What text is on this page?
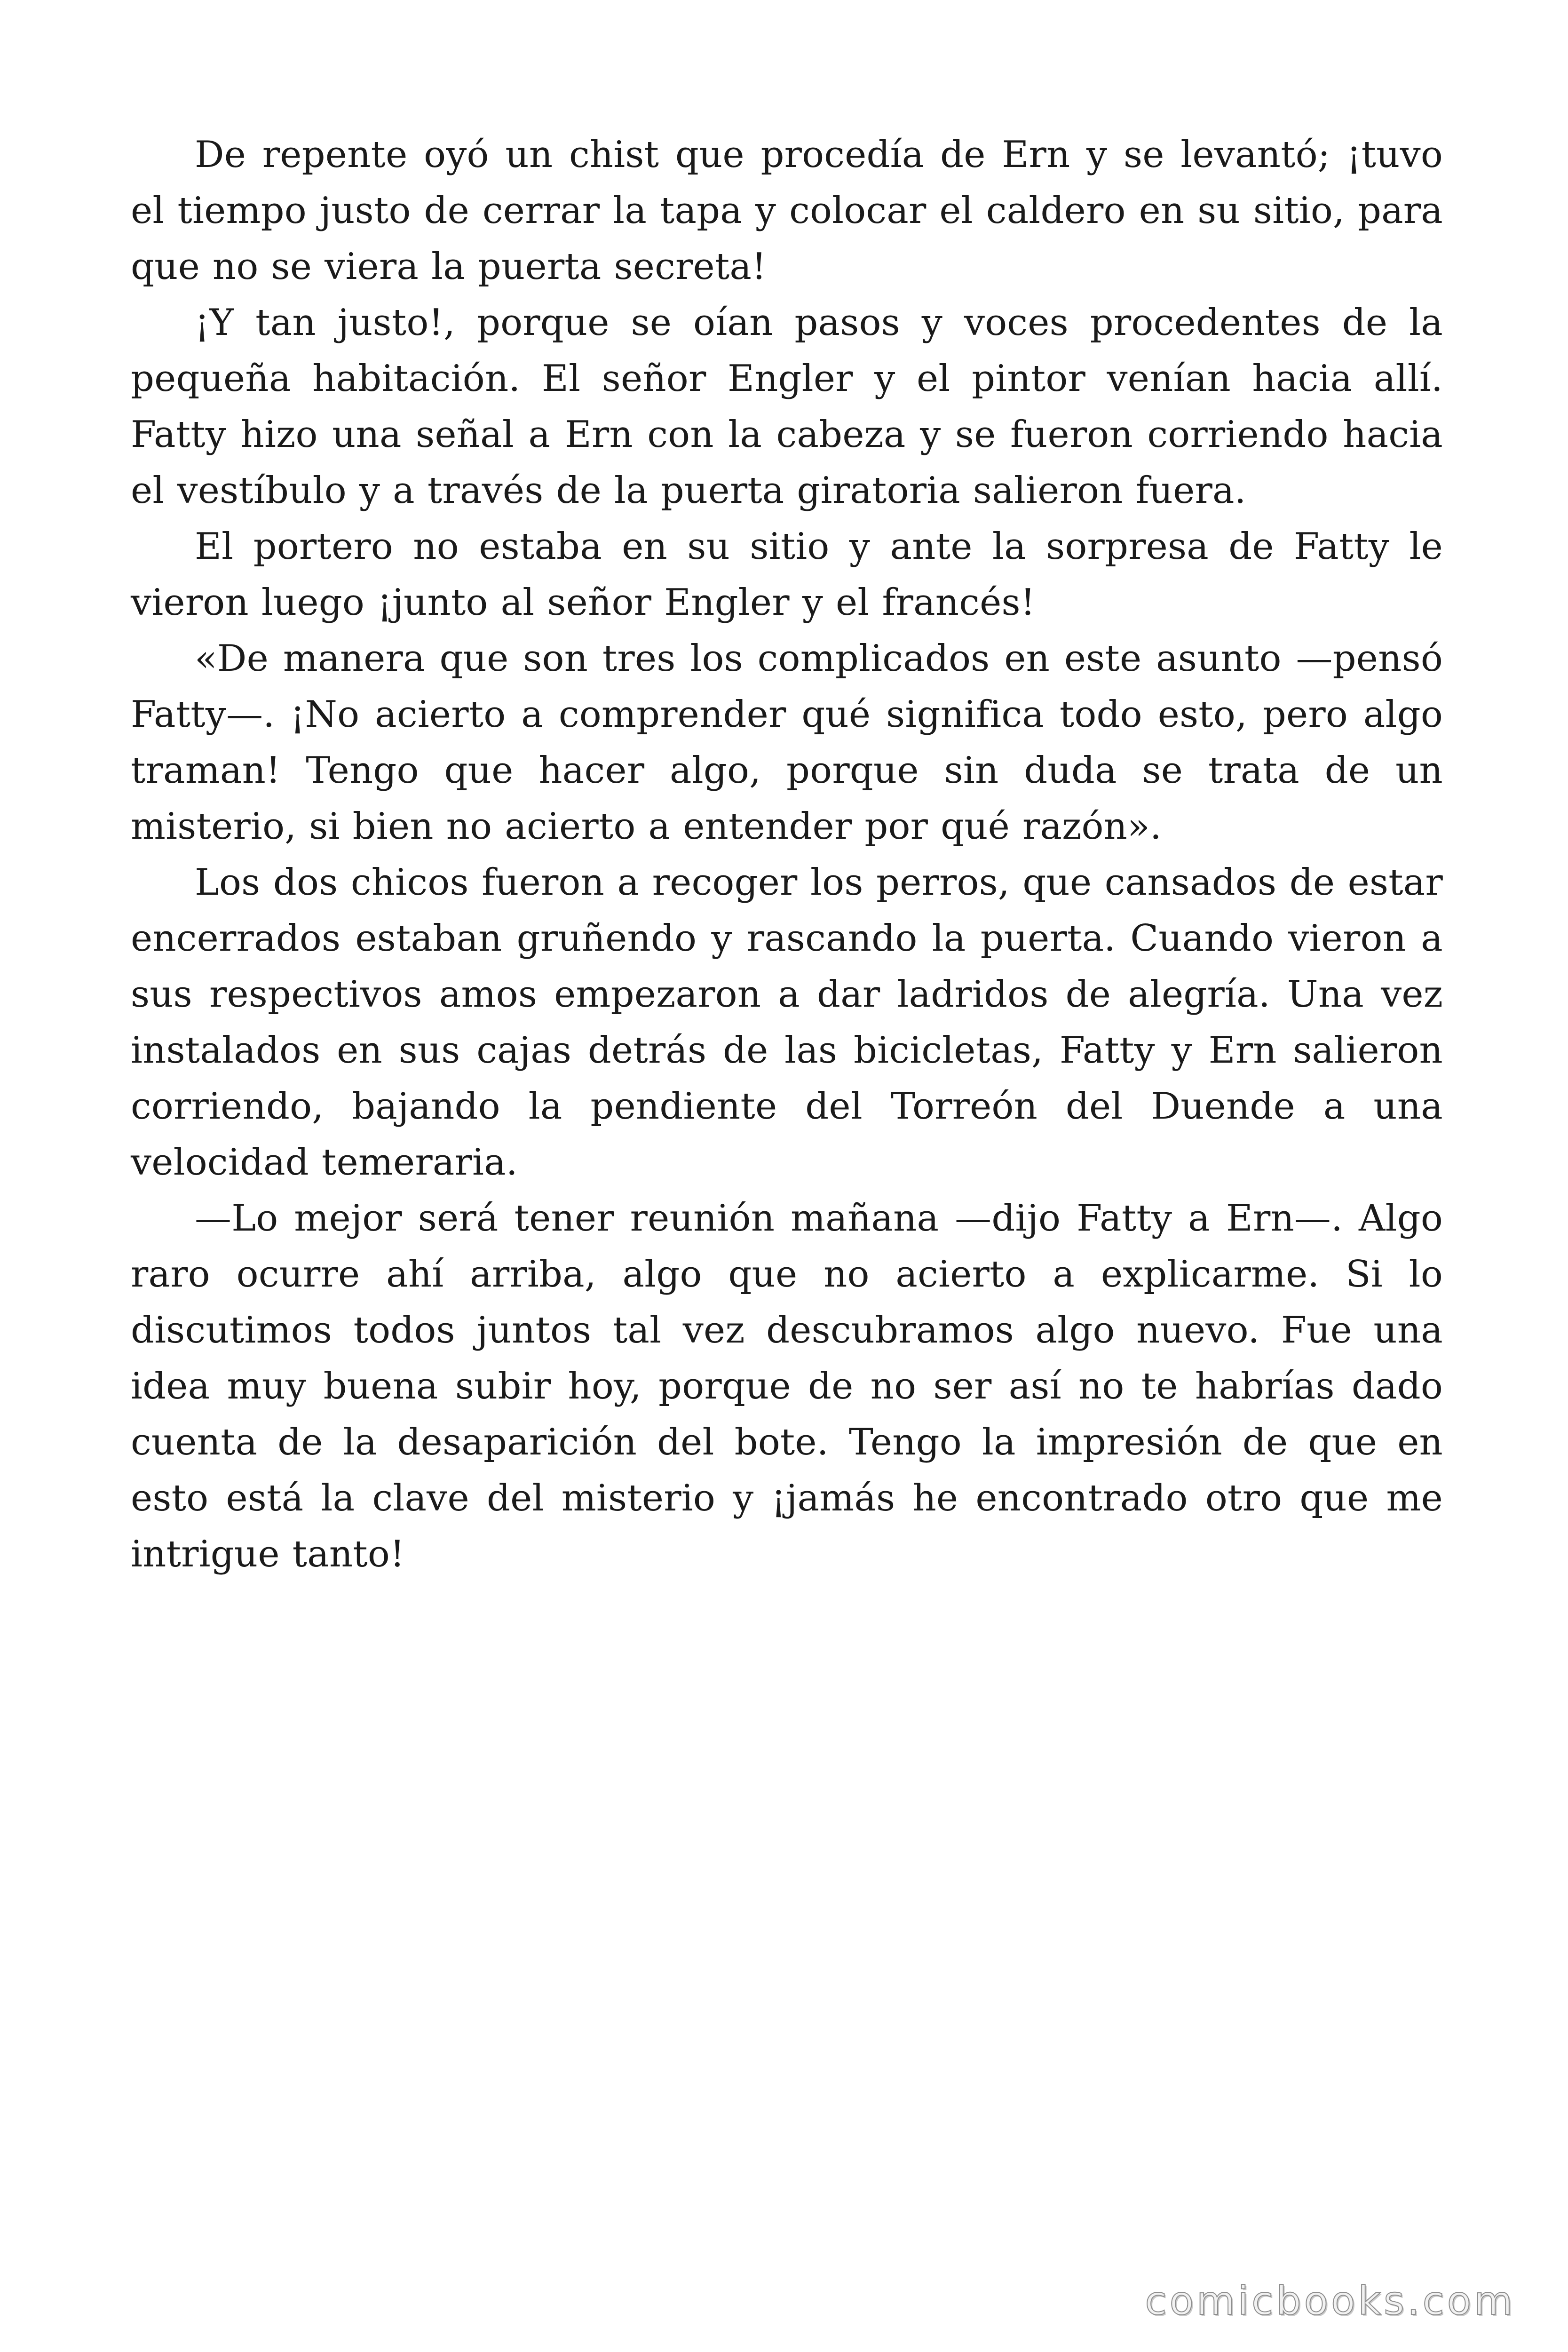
De repente oyó un chist que procedía de Ern y se levantó; ¡tuvo el tiempo justo de cerrar la tapa y colocar el caldero en su sitio, para que no se viera la puerta secreta!

¡Y tan justo!, porque se oían pasos y voces procedentes de la pequeña habitación. El señor Engler y el pintor venían hacia allí. Fatty hizo una señal a Ern con la cabeza y se fueron corriendo hacia el vestíbulo y a través de la puerta giratoria salieron fuera.

El portero no estaba en su sitio y ante la sorpresa de Fatty le vieron luego ¡junto al señor Engler y el francés!

«De manera que son tres los complicados en este asunto —pensó Fatty—. ¡No acierto a comprender qué significa todo esto, pero algo traman! Tengo que hacer algo, porque sin duda se trata de un misterio, si bien no acierto a entender por qué razón».

Los dos chicos fueron a recoger los perros, que cansados de estar encerrados estaban gruñendo y rascando la puerta. Cuando vieron a sus respectivos amos empezaron a dar ladridos de alegría. Una vez instalados en sus cajas detrás de las bicicletas, Fatty y Ern salieron corriendo, bajando la pendiente del Torreón del Duende a una velocidad temeraria.

—Lo mejor será tener reunión mañana —dijo Fatty a Ern—. Algo raro ocurre ahí arriba, algo que no acierto a explicarme. Si lo discutimos todos juntos tal vez descubramos algo nuevo. Fue una idea muy buena subir hoy, porque de no ser así no te habrías dado cuenta de la desaparición del bote. Tengo la impresión de que en esto está la clave del misterio y ¡jamás he encontrado otro que me intrigue tanto!

comicbooks.com
